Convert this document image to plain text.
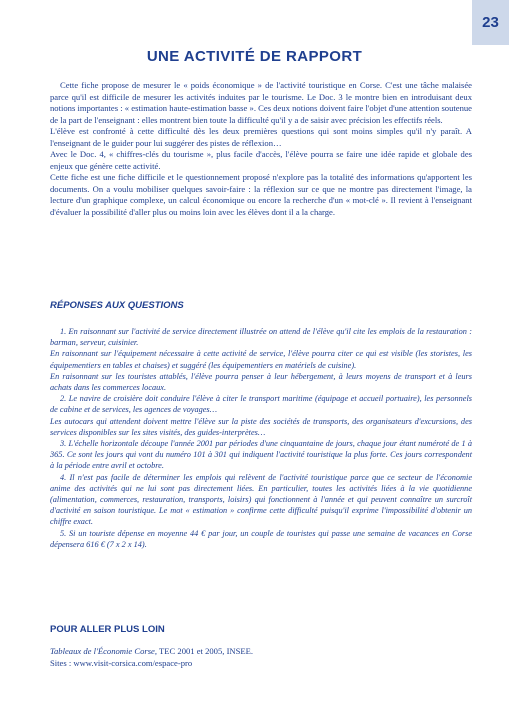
23
UNE ACTIVITÉ DE RAPPORT

Cette fiche propose de mesurer le « poids économique » de l'activité touristique en Corse. C'est une tâche malaisée parce qu'il est difficile de mesurer les activités induites par le tourisme. Le Doc. 3 le montre bien en introduisant deux notions importantes : « estimation haute-estimation basse ». Ces deux notions doivent faire l'objet d'une attention soutenue de la part de l'enseignant : elles montrent bien toute la difficulté qu'il y a de saisir avec précision les effectifs réels.

L'élève est confronté à cette difficulté dès les deux premières questions qui sont moins simples qu'il n'y paraît. A l'enseignant de le guider pour lui suggérer des pistes de réflexion…

Avec le Doc. 4, « chiffres-clés du tourisme », plus facile d'accès, l'élève pourra se faire une idée rapide et globale des enjeux que génère cette activité.

Cette fiche est une fiche difficile et le questionnement proposé n'explore pas la totalité des informations qu'apportent les documents. On a voulu mobiliser quelques savoir-faire : la réflexion sur ce que ne montre pas directement l'image, la lecture d'un graphique complexe, un calcul économique ou encore la recherche d'un « mot-clé ». Il revient à l'enseignant d'évaluer la possibilité d'aller plus ou moins loin avec les élèves dont il a la charge.

RÉPONSES AUX QUESTIONS

1. En raisonnant sur l'activité de service directement illustrée on attend de l'élève qu'il cite les emplois de la restauration : barman, serveur, cuisinier.

En raisonnant sur l'équipement nécessaire à cette activité de service, l'élève pourra citer ce qui est visible (les storistes, les équipementiers en tables et chaises) et suggéré (les équipementiers en matériels de cuisine).

En raisonnant sur les touristes attablés, l'élève pourra penser à leur hébergement, à leurs moyens de transport et à leurs achats dans les commerces locaux.

2. Le navire de croisière doit conduire l'élève à citer le transport maritime (équipage et accueil portuaire), les personnels de cabine et de services, les agences de voyages…

Les autocars qui attendent doivent mettre l'élève sur la piste des sociétés de transports, des organisateurs d'excursions, des services disponibles sur les sites visités, des guides-interprètes…

3. L'échelle horizontale découpe l'année 2001 par périodes d'une cinquantaine de jours, chaque jour étant numéroté de 1 à 365. Ce sont les jours qui vont du numéro 101 à 301 qui indiquent l'activité touristique la plus forte. Ces jours correspondent à la période entre avril et octobre.

4. Il n'est pas facile de déterminer les emplois qui relèvent de l'activité touristique parce que ce secteur de l'économie anime des activités qui ne lui sont pas directement liées. En particulier, toutes les activités liées à la vie quotidienne (alimentation, commerces, restauration, transports, loisirs) qui fonctionnent à l'année et qui peuvent connaître un surcroît d'activité en saison touristique. Le mot « estimation » confirme cette difficulté puisqu'il exprime l'impossibilité d'obtenir un chiffre exact.

5. Si un touriste dépense en moyenne 44 € par jour, un couple de touristes qui passe une semaine de vacances en Corse dépensera 616 € (7 x 2 x 14).

POUR ALLER PLUS LOIN

Tableaux de l'Économie Corse, TEC 2001 et 2005, INSEE.

Sites : www.visit-corsica.com/espace-pro
